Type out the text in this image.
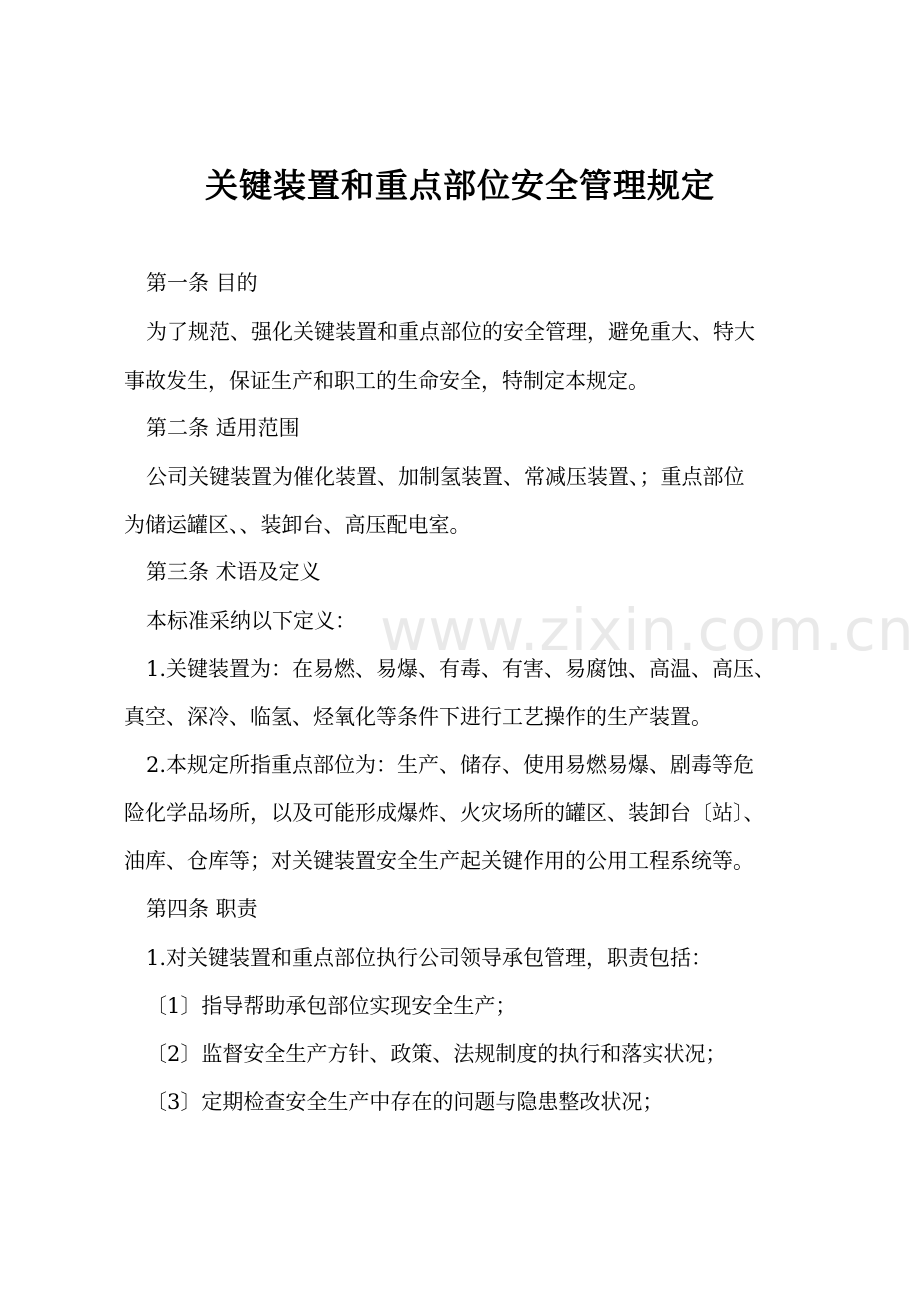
www.zixin.com.cn
关键装置和重点部位安全管理规定

第一条 目的

为了规范、强化关键装置和重点部位的安全管理，避免重大、特大

事故发生，保证生产和职工的生命安全，特制定本规定。

第二条 适用范围

公司关键装置为催化装置、加制氢装置、常减压装置、；重点部位

为储运罐区、、装卸台、高压配电室。

第三条 术语及定义

本标准采纳以下定义：

1.关键装置为：在易燃、易爆、有毒、有害、易腐蚀、高温、高压、

真空、深冷、临氢、烃氧化等条件下进行工艺操作的生产装置。

2.本规定所指重点部位为：生产、储存、使用易燃易爆、剧毒等危

险化学品场所，以及可能形成爆炸、火灾场所的罐区、装卸台〔站〕、

油库、仓库等；对关键装置安全生产起关键作用的公用工程系统等。

第四条 职责

1.对关键装置和重点部位执行公司领导承包管理，职责包括：

〔1〕指导帮助承包部位实现安全生产；

〔2〕监督安全生产方针、政策、法规制度的执行和落实状况；

〔3〕定期检查安全生产中存在的问题与隐患整改状况；
